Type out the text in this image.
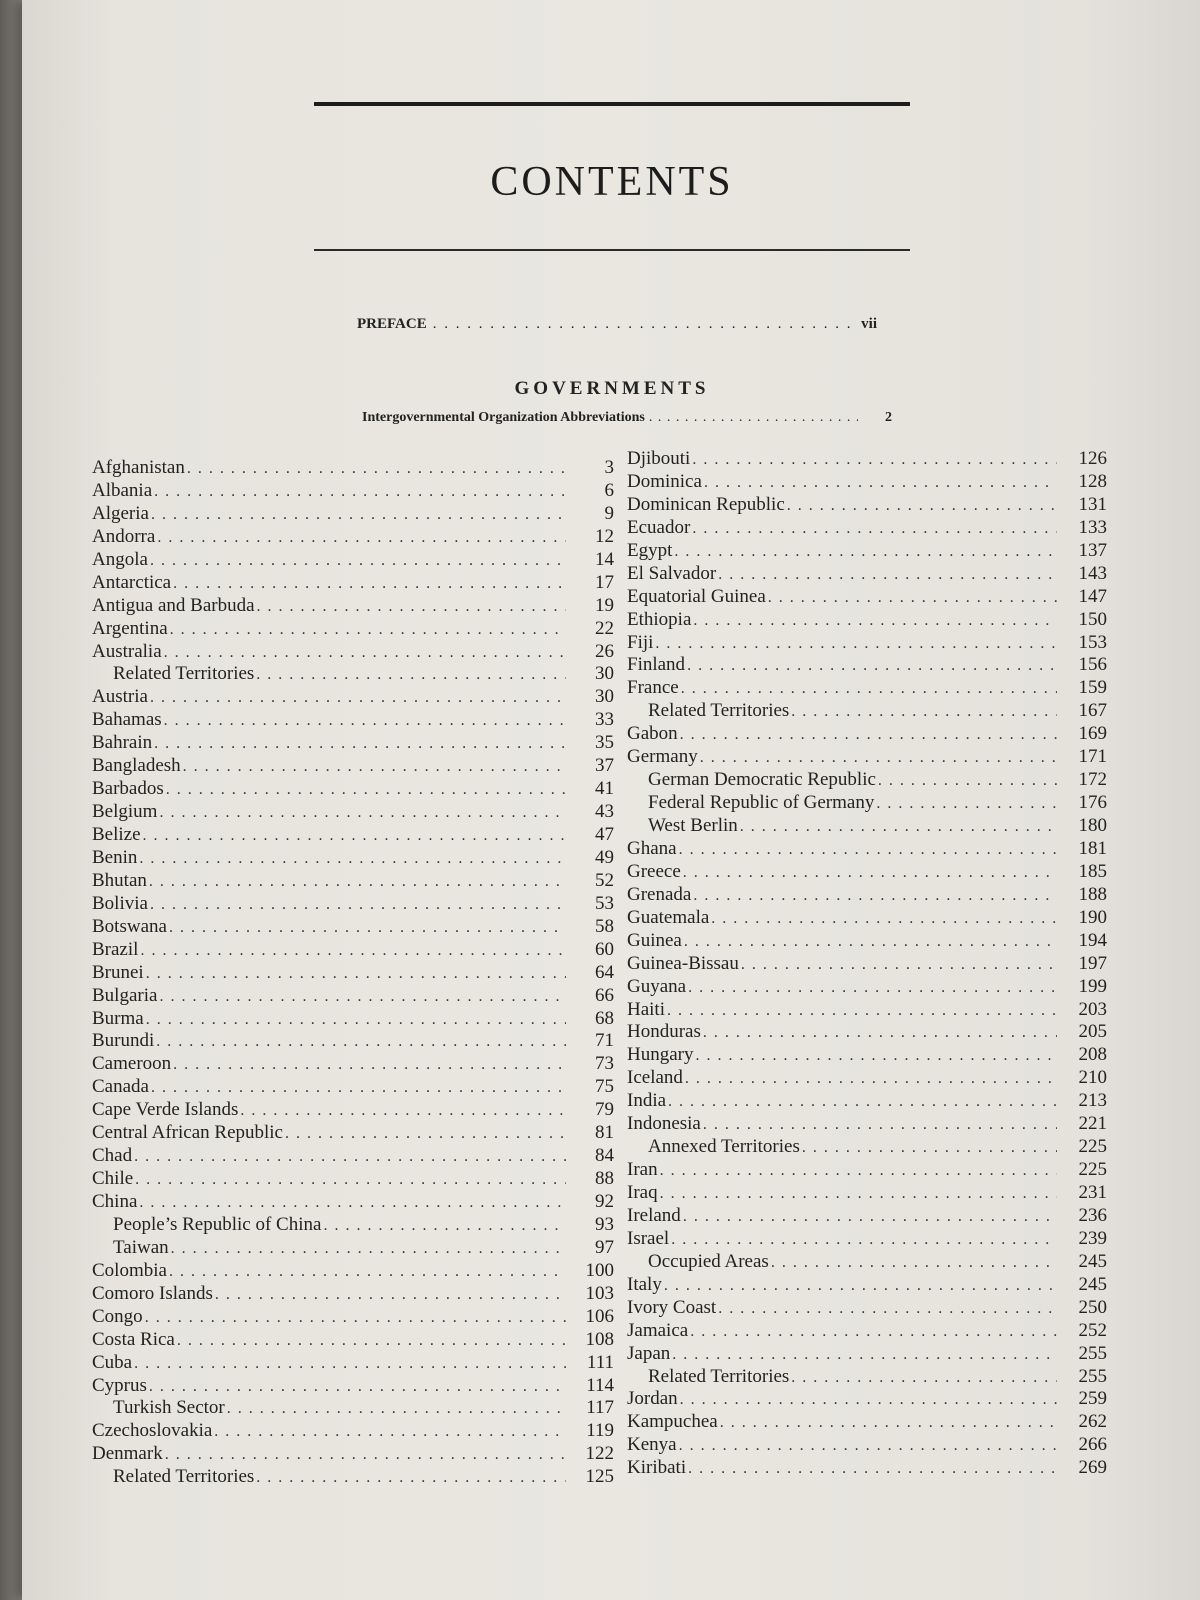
CONTENTS
PREFACE . . .	vii
GOVERNMENTS
Intergovernmental Organization Abbreviations . . .	2
Afghanistan . . .	3
Albania . . .	6
Algeria . . .	9
Andorra . . .	12
Angola . . .	14
Antarctica . . .	17
Antigua and Barbuda . . .	19
Argentina . . .	22
Australia . . .	26
Related Territories . . .	30
Austria . . .	30
Bahamas . . .	33
Bahrain . . .	35
Bangladesh . . .	37
Barbados . . .	41
Belgium . . .	43
Belize . . .	47
Benin . . .	49
Bhutan . . .	52
Bolivia . . .	53
Botswana . . .	58
Brazil . . .	60
Brunei . . .	64
Bulgaria . . .	66
Burma . . .	68
Burundi . . .	71
Cameroon . . .	73
Canada . . .	75
Cape Verde Islands . . .	79
Central African Republic . . .	81
Chad . . .	84
Chile . . .	88
China . . .	92
People’s Republic of China . . .	93
Taiwan . . .	97
Colombia . . .	100
Comoro Islands . . .	103
Congo . . .	106
Costa Rica . . .	108
Cuba . . .	111
Cyprus . . .	114
Turkish Sector . . .	117
Czechoslovakia . . .	119
Denmark . . .	122
Related Territories . . .	125
Djibouti . . .	126
Dominica . . .	128
Dominican Republic . . .	131
Ecuador . . .	133
Egypt . . .	137
El Salvador . . .	143
Equatorial Guinea . . .	147
Ethiopia . . .	150
Fiji . . .	153
Finland . . .	156
France . . .	159
Related Territories . . .	167
Gabon . . .	169
Germany . . .	171
German Democratic Republic . . .	172
Federal Republic of Germany . . .	176
West Berlin . . .	180
Ghana . . .	181
Greece . . .	185
Grenada . . .	188
Guatemala . . .	190
Guinea . . .	194
Guinea-Bissau . . .	197
Guyana . . .	199
Haiti . . .	203
Honduras . . .	205
Hungary . . .	208
Iceland . . .	210
India . . .	213
Indonesia . . .	221
Annexed Territories . . .	225
Iran . . .	225
Iraq . . .	231
Ireland . . .	236
Israel . . .	239
Occupied Areas . . .	245
Italy . . .	245
Ivory Coast . . .	250
Jamaica . . .	252
Japan . . .	255
Related Territories . . .	255
Jordan . . .	259
Kampuchea . . .	262
Kenya . . .	266
Kiribati . . .	269
